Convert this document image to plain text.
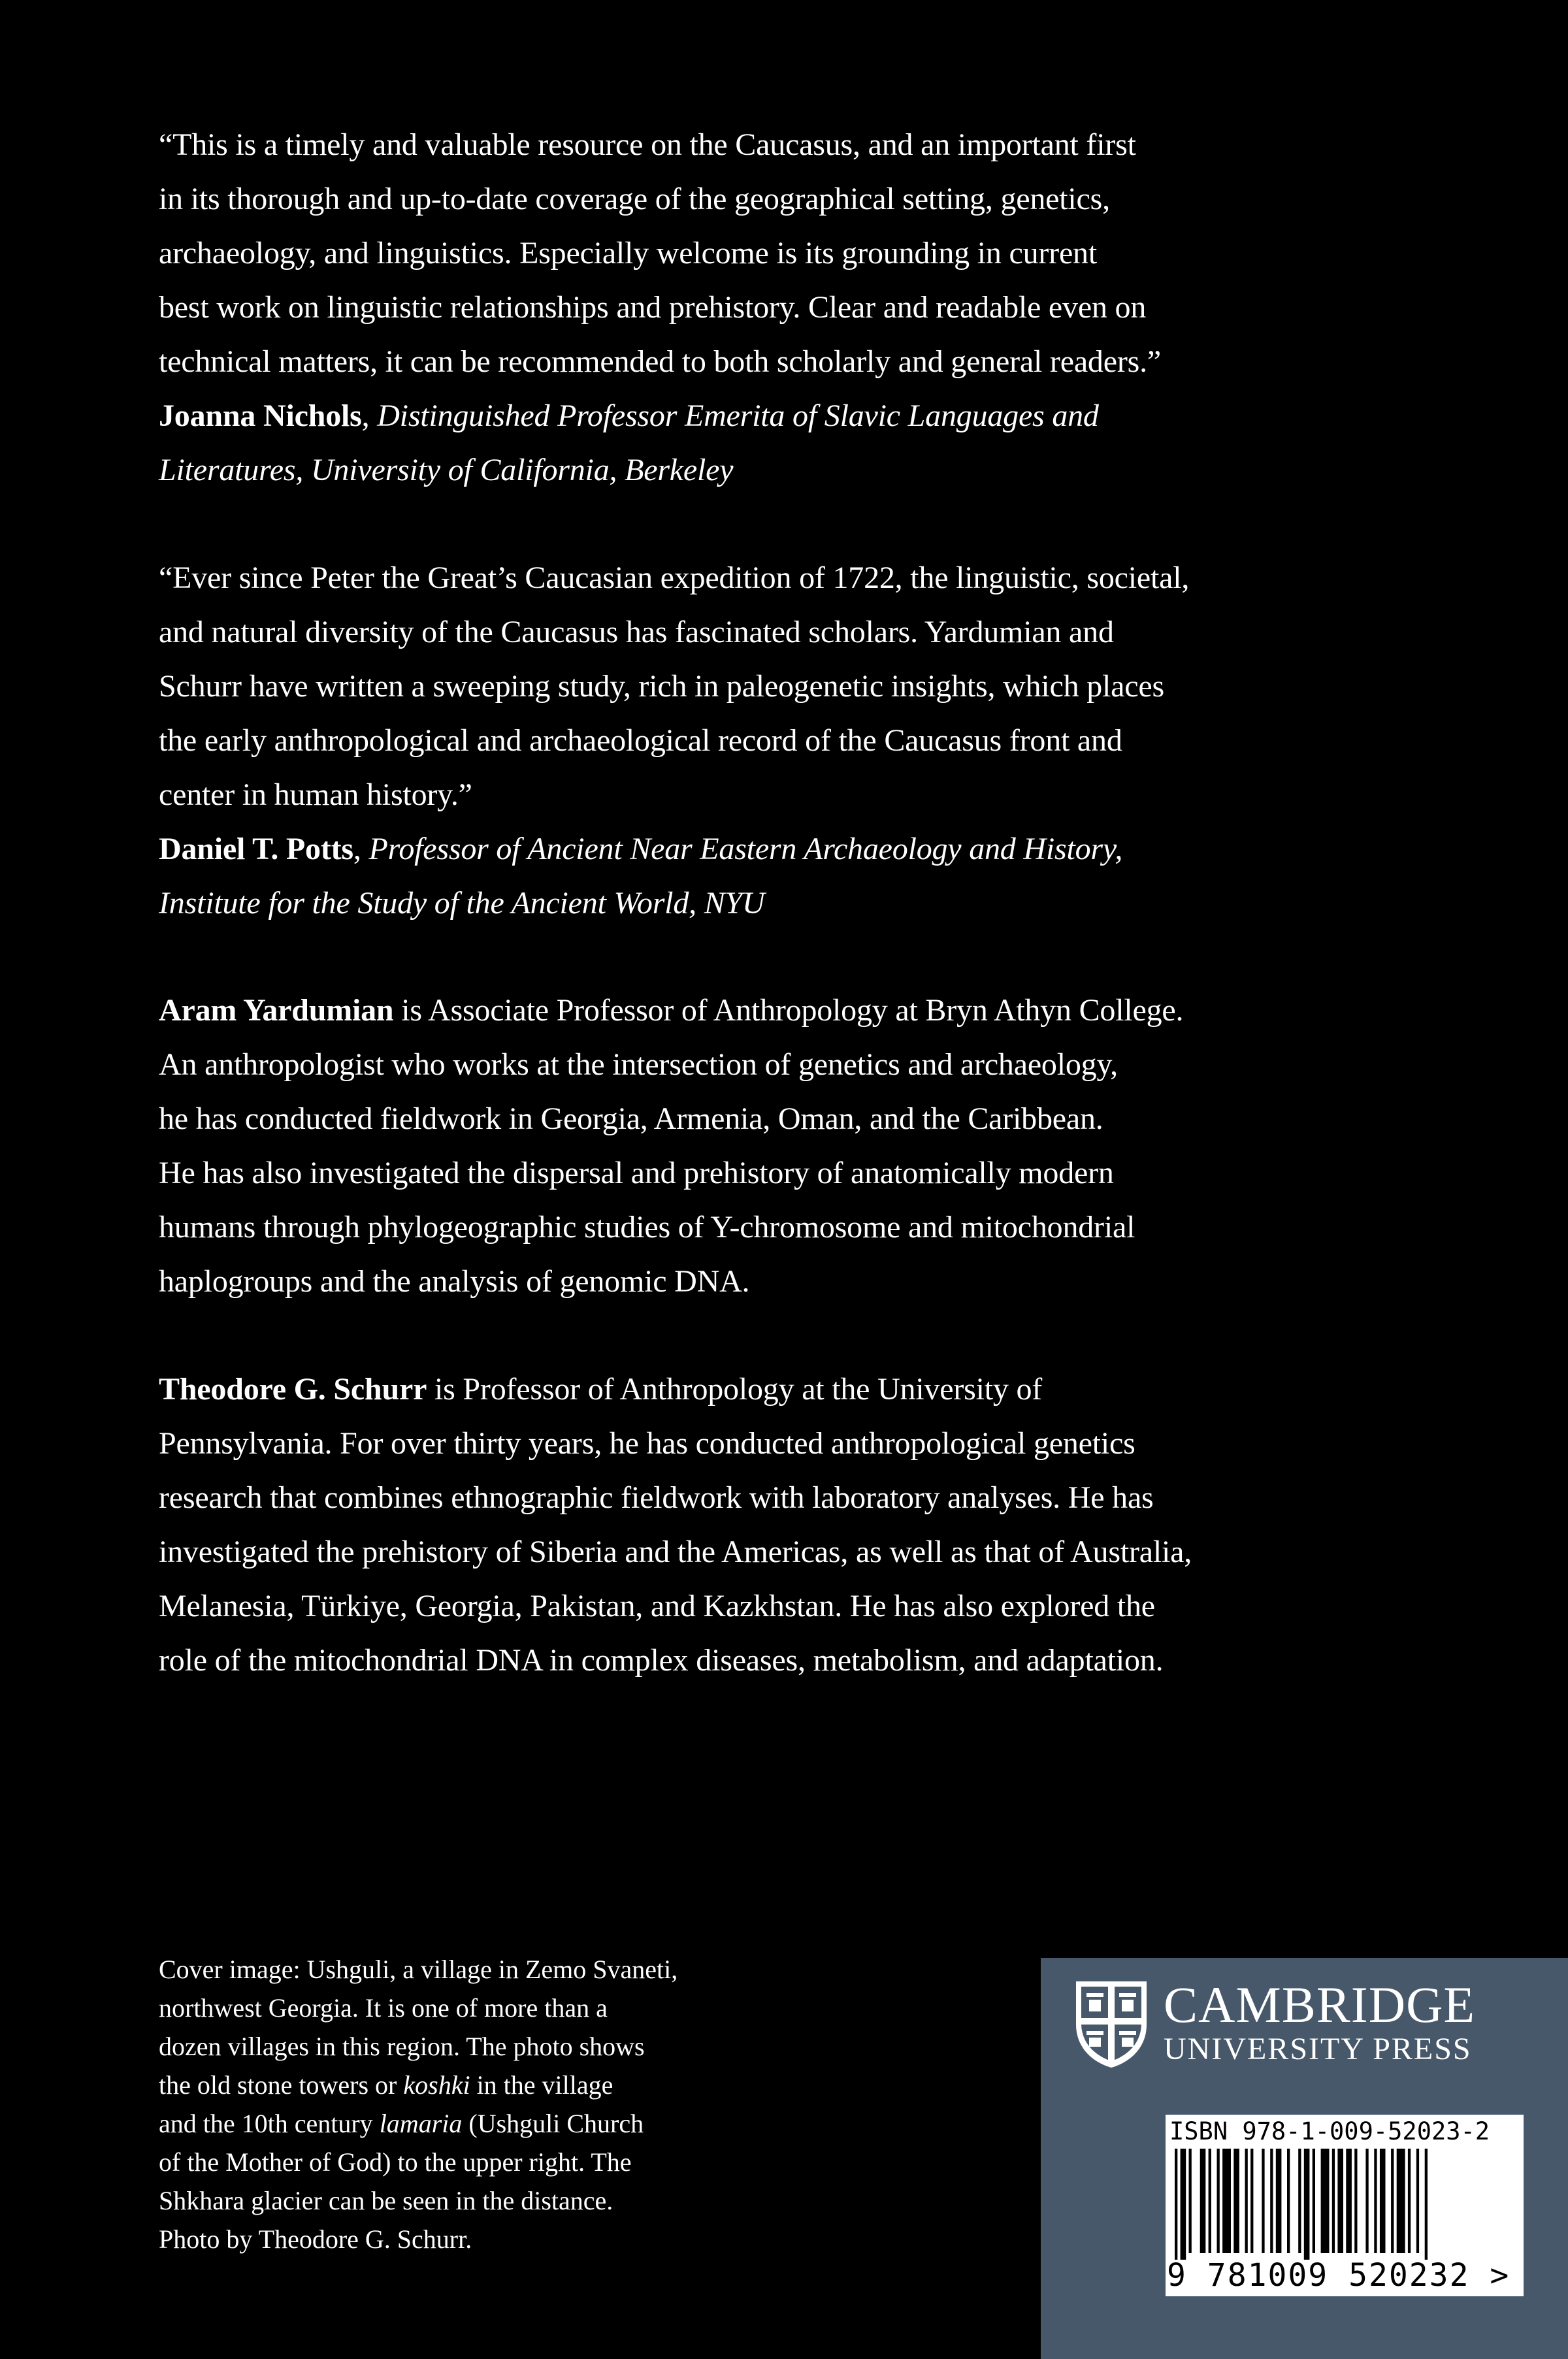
“This is a timely and valuable resource on the Caucasus, and an important first
in its thorough and up-to-date coverage of the geographical setting, genetics,
archaeology, and linguistics. Especially welcome is its grounding in current
best work on linguistic relationships and prehistory. Clear and readable even on
technical matters, it can be recommended to both scholarly and general readers.”
Joanna Nichols, Distinguished Professor Emerita of Slavic Languages and
Literatures, University of California, Berkeley
“Ever since Peter the Great’s Caucasian expedition of 1722, the linguistic, societal,
and natural diversity of the Caucasus has fascinated scholars. Yardumian and
Schurr have written a sweeping study, rich in paleogenetic insights, which places
the early anthropological and archaeological record of the Caucasus front and
center in human history.”
Daniel T. Potts, Professor of Ancient Near Eastern Archaeology and History,
Institute for the Study of the Ancient World, NYU
Aram Yardumian is Associate Professor of Anthropology at Bryn Athyn College.
An anthropologist who works at the intersection of genetics and archaeology,
he has conducted fieldwork in Georgia, Armenia, Oman, and the Caribbean.
He has also investigated the dispersal and prehistory of anatomically modern
humans through phylogeographic studies of Y-chromosome and mitochondrial
haplogroups and the analysis of genomic DNA.
Theodore G. Schurr is Professor of Anthropology at the University of
Pennsylvania. For over thirty years, he has conducted anthropological genetics
research that combines ethnographic fieldwork with laboratory analyses. He has
investigated the prehistory of Siberia and the Americas, as well as that of Australia,
Melanesia, Türkiye, Georgia, Pakistan, and Kazkhstan. He has also explored the
role of the mitochondrial DNA in complex diseases, metabolism, and adaptation.
Cover image: Ushguli, a village in Zemo Svaneti,
northwest Georgia. It is one of more than a
dozen villages in this region. The photo shows
the old stone towers or koshki in the village
and the 10th century lamaria (Ushguli Church
of the Mother of God) to the upper right. The
Shkhara glacier can be seen in the distance.
Photo by Theodore G. Schurr.
CAMBRIDGE
UNIVERSITY PRESS
ISBN 978-1-009-52023-2
9 781009 520232 >
